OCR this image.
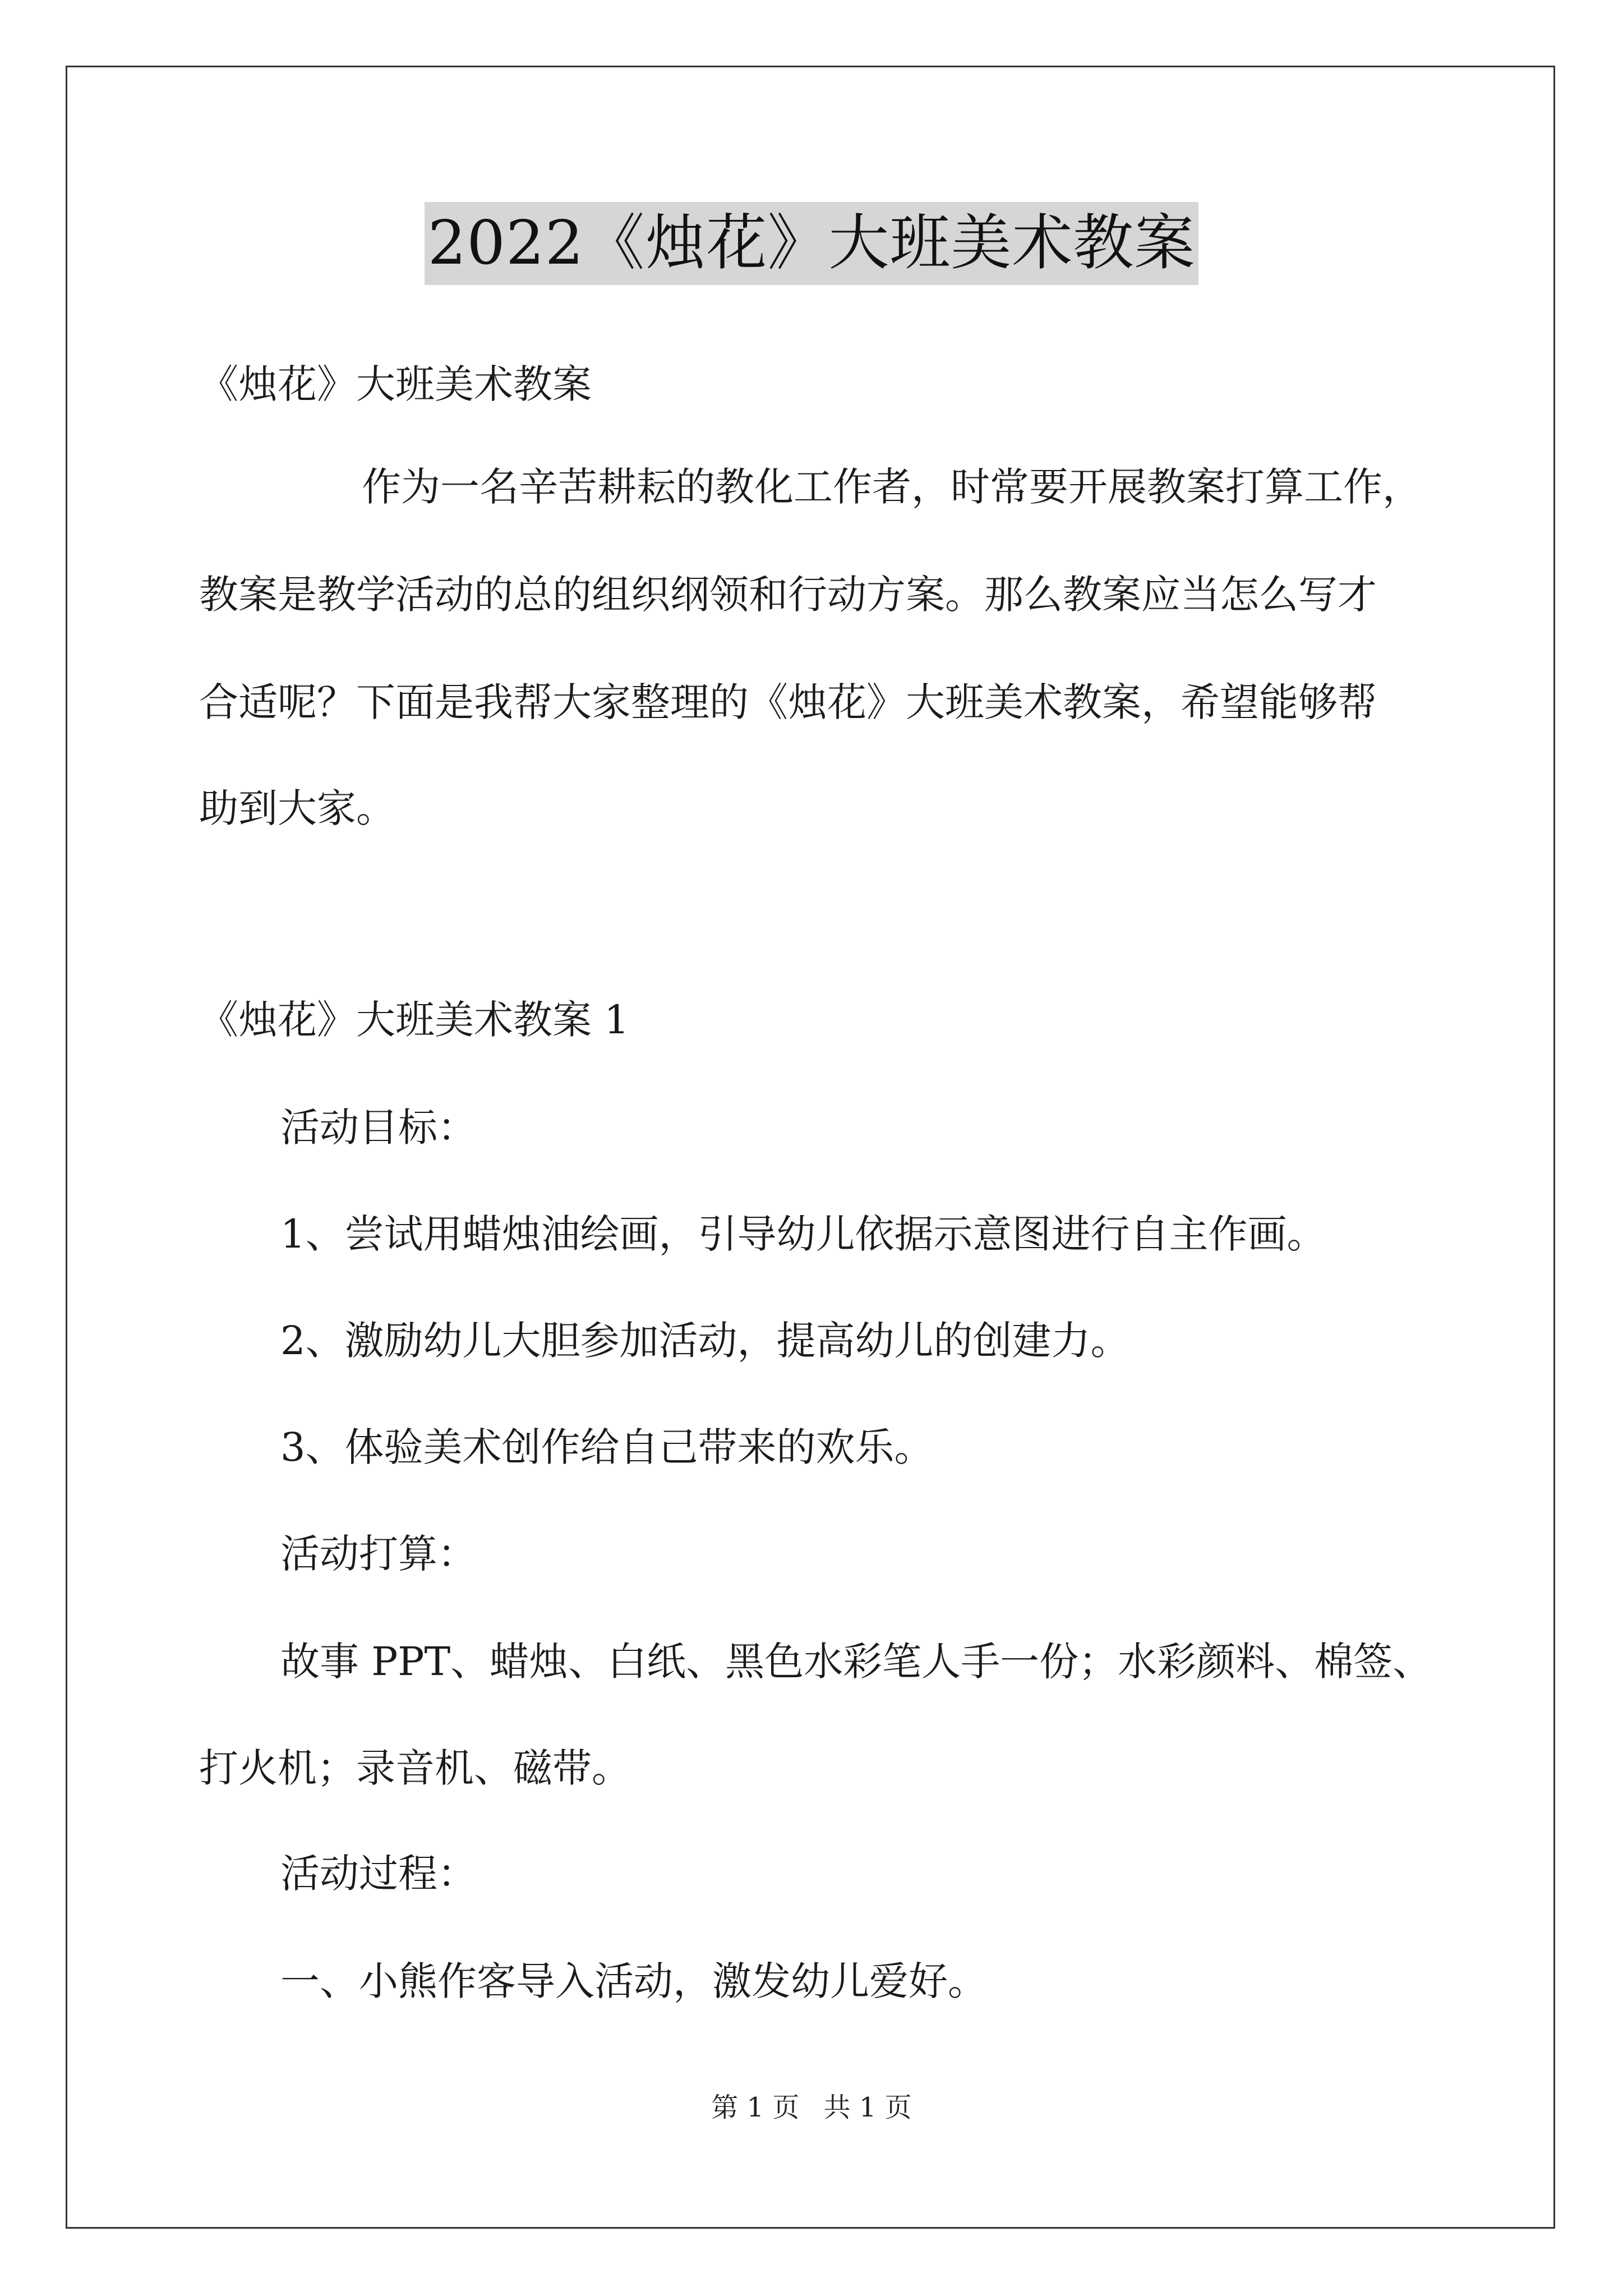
2022《烛花》大班美术教案
《烛花》大班美术教案
作为一名辛苦耕耘的教化工作者，时常要开展教案打算工作，
教案是教学活动的总的组织纲领和行动方案。那么教案应当怎么写才
合适呢？下面是我帮大家整理的《烛花》大班美术教案，希望能够帮
助到大家。
《烛花》大班美术教案 1
活动目标：
1、尝试用蜡烛油绘画，引导幼儿依据示意图进行自主作画。
2、激励幼儿大胆参加活动，提高幼儿的创建力。
3、体验美术创作给自己带来的欢乐。
活动打算：
故事 PPT、蜡烛、白纸、黑色水彩笔人手一份；水彩颜料、棉签、
打火机；录音机、磁带。
活动过程：
一、小熊作客导入活动，激发幼儿爱好。
第 1 页 共 1 页
